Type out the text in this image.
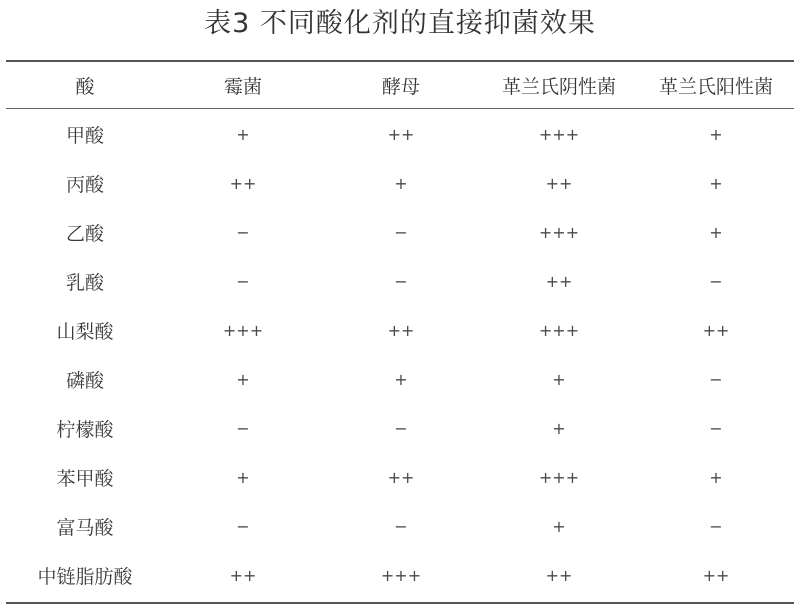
表3 不同酸化剂的直接抑菌效果
酸	霉菌	酵母	革兰氏阴性菌	革兰氏阳性菌
甲酸	+	++	+++	+
丙酸	++	+	++	+
乙酸	−	−	+++	+
乳酸	−	−	++	−
山梨酸	+++	++	+++	++
磷酸	+	+	+	−
柠檬酸	−	−	+	−
苯甲酸	+	++	+++	+
富马酸	−	−	+	−
中链脂肪酸	++	+++	++	++
